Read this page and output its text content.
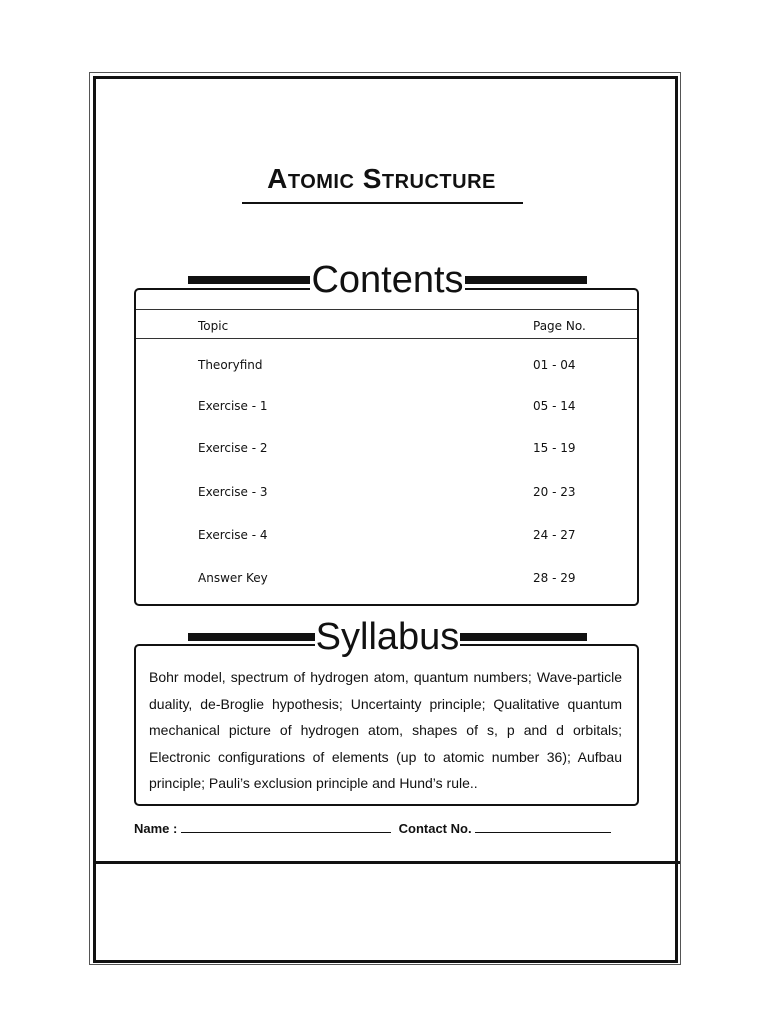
Atomic Structure
Contents
Topic	Page No.
Theoryfind	01 - 04
Exercise - 1	05 - 14
Exercise - 2	15 - 19
Exercise - 3	20 - 23
Exercise - 4	24 - 27
Answer Key	28 - 29
Syllabus
Bohr model, spectrum of hydrogen atom, quantum numbers; Wave-particle duality, de-Broglie hypothesis; Uncertainty principle; Qualitative quantum mechanical picture of hydrogen atom, shapes of s, p and d orbitals; Electronic configurations of elements (up to atomic number 36); Aufbau principle; Pauli’s exclusion principle and Hund’s rule..
Name :	Contact No.
